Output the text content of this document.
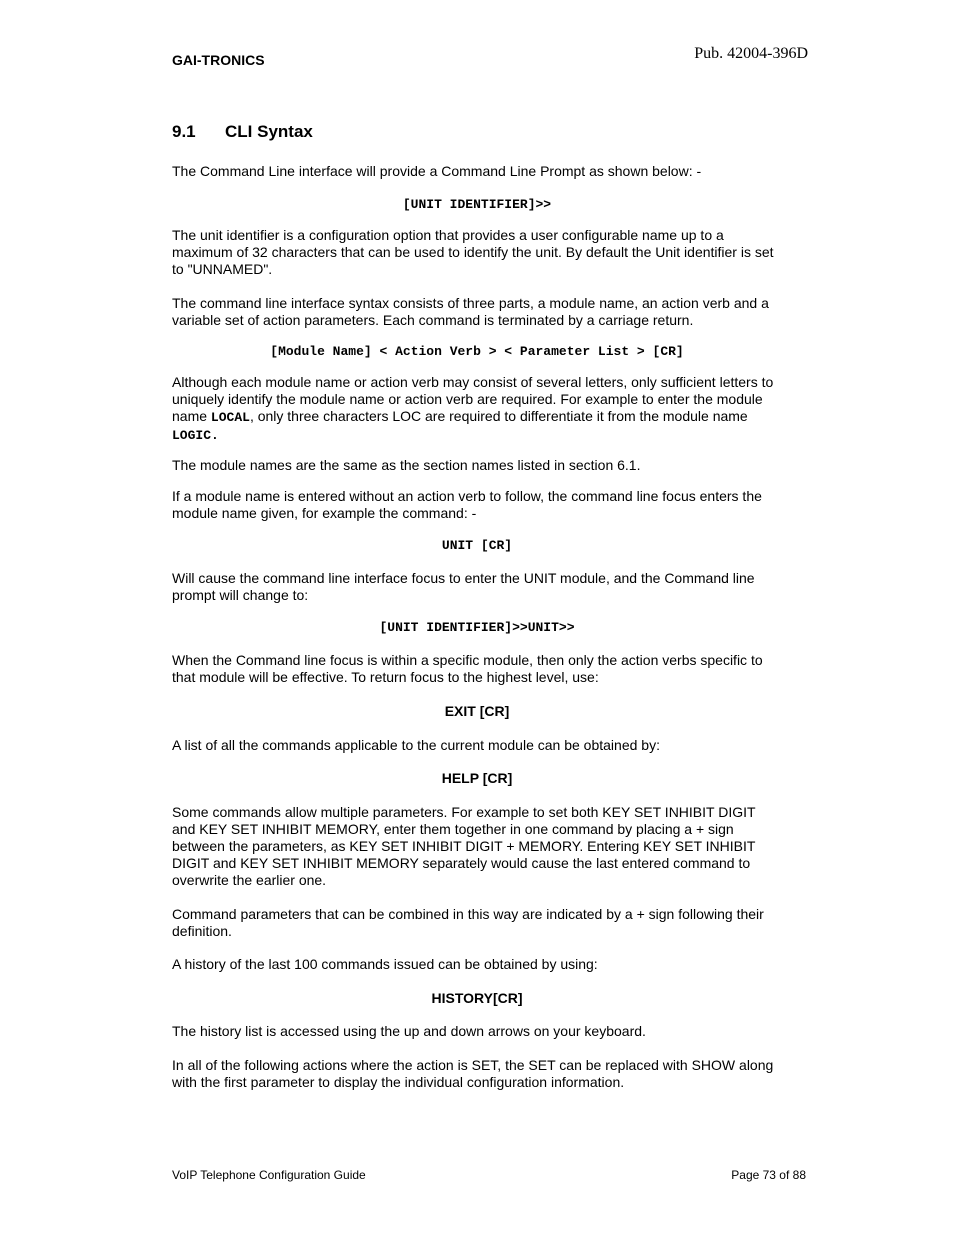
GAI-TRONICS	Pub. 42004-396D
9.1 CLI Syntax

The Command Line interface will provide a Command Line Prompt as shown below: -

[UNIT IDENTIFIER]>>

The unit identifier is a configuration option that provides a user configurable name up to a maximum of 32 characters that can be used to identify the unit. By default the Unit identifier is set to "UNNAMED".

The command line interface syntax consists of three parts, a module name, an action verb and a variable set of action parameters. Each command is terminated by a carriage return.

[Module Name] < Action Verb > < Parameter List > [CR]

Although each module name or action verb may consist of several letters, only sufficient letters to uniquely identify the module name or action verb are required. For example to enter the module name LOCAL, only three characters LOC are required to differentiate it from the module name LOGIC.

The module names are the same as the section names listed in section 6.1.

If a module name is entered without an action verb to follow, the command line focus enters the module name given, for example the command: -

UNIT [CR]

Will cause the command line interface focus to enter the UNIT module, and the Command line prompt will change to:

[UNIT IDENTIFIER]>>UNIT>>

When the Command line focus is within a specific module, then only the action verbs specific to that module will be effective. To return focus to the highest level, use:

EXIT [CR]

A list of all the commands applicable to the current module can be obtained by:

HELP [CR]

Some commands allow multiple parameters. For example to set both KEY SET INHIBIT DIGIT and KEY SET INHIBIT MEMORY, enter them together in one command by placing a + sign between the parameters, as KEY SET INHIBIT DIGIT + MEMORY. Entering KEY SET INHIBIT DIGIT and KEY SET INHIBIT MEMORY separately would cause the last entered command to overwrite the earlier one.

Command parameters that can be combined in this way are indicated by a + sign following their definition.

A history of the last 100 commands issued can be obtained by using:

HISTORY[CR]

The history list is accessed using the up and down arrows on your keyboard.

In all of the following actions where the action is SET, the SET can be replaced with SHOW along with the first parameter to display the individual configuration information.

VoIP Telephone Configuration Guide	Page 73 of 88
